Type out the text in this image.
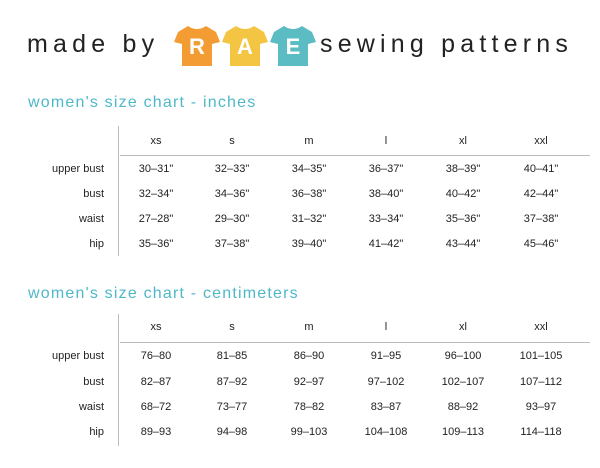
made by	R	A	E sewing patterns
women's size chart - inches
xs	s	m	l	xl	xxl
upper bust	30–31"	32–33"	34–35"	36–37"	38–39"	40–41"
bust	32–34"	34–36"	36–38"	38–40"	40–42"	42–44"
waist	27–28"	29–30"	31–32"	33–34"	35–36"	37–38"
hip	35–36"	37–38"	39–40"	41–42"	43–44"	45–46"
women's size chart - centimeters
xs	s	m	l	xl	xxl
upper bust	76–80	81–85	86–90	91–95	96–100	101–105
bust	82–87	87–92	92–97	97–102	102–107	107–112
waist	68–72	73–77	78–82	83–87	88–92	93–97
hip	89–93	94–98	99–103	104–108	109–113	114–118
